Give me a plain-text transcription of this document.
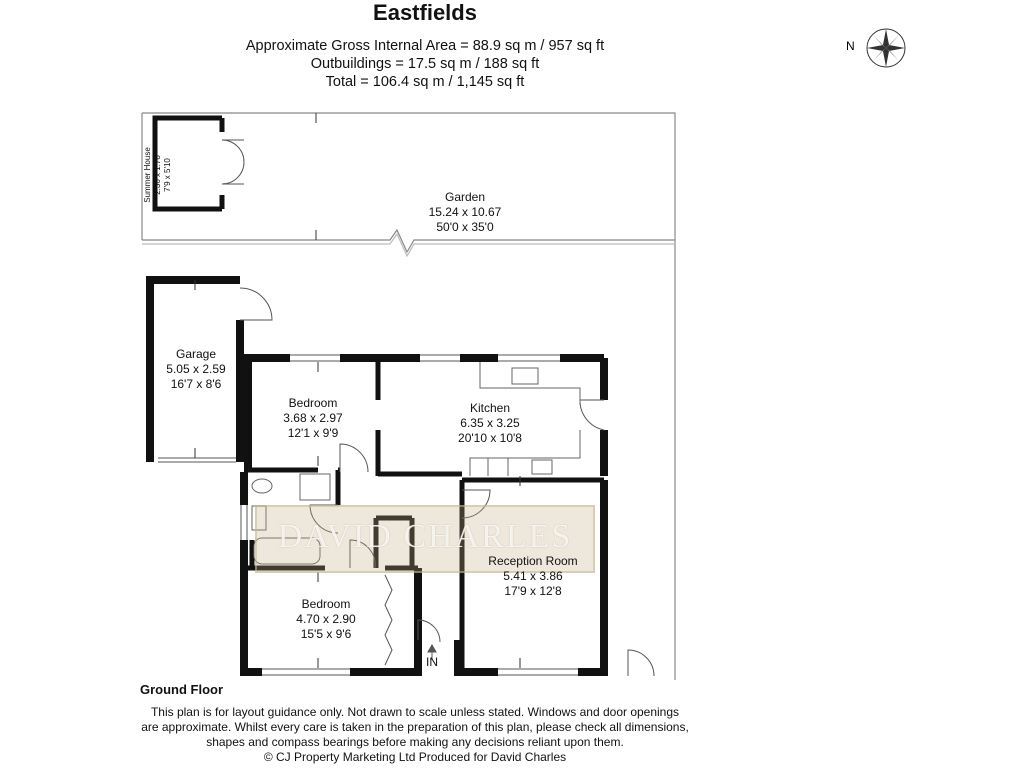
Eastfields
Approximate Gross Internal Area = 88.9 sq m / 957 sq ft
Outbuildings = 17.5 sq m / 188 sq ft
Total = 106.4 sq m / 1,145 sq ft
N
DAVID CHARLES
Summer House 2.36 x 1.78 7'9 x 5'10
Garden
15.24 x 10.67
50'0 x 35'0
Garage
5.05 x 2.59
16'7 x 8'6
Bedroom
3.68 x 2.97
12'1 x 9'9
Kitchen
6.35 x 3.25
20'10 x 10'8
Reception Room
5.41 x 3.86
17'9 x 12'8
Bedroom
4.70 x 2.90
15'5 x 9'6
IN
Ground Floor
This plan is for layout guidance only. Not drawn to scale unless stated. Windows and door openings
are approximate. Whilst every care is taken in the preparation of this plan, please check all dimensions,
shapes and compass bearings before making any decisions reliant upon them.
© CJ Property Marketing Ltd Produced for David Charles
